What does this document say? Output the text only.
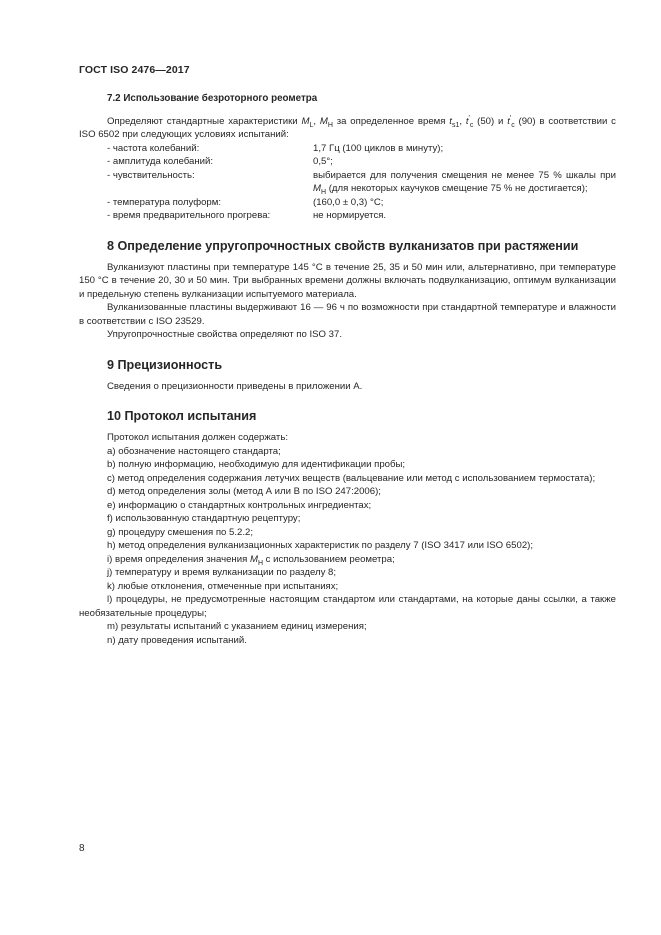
ГОСТ ISO 2476—2017
7.2 Использование безроторного реометра

Определяют стандартные характеристики $M_L$, $M_H$ за определенное время $t_{s1}$, $t'_c$ (50) и $t'_c$ (90) в соответствии с ISO 6502 при следующих условиях испытаний:

- частота колебаний:	1,7 Гц (100 циклов в минуту);
- амплитуда колебаний:	0,5°;
- чувствительность:	выбирается для получения смещения не менее 75 % шкалы при $M_H$ (для некоторых каучуков смещение 75 % не достигается);
- температура полуформ:	(160,0 ± 0,3) °С;
- время предварительного прогрева:	не нормируется.
8 Определение упругопрочностных свойств вулканизатов при растяжении

Вулканизуют пластины при температуре 145 °С в течение 25, 35 и 50 мин или, альтернативно, при температуре 150 °С в течение 20, 30 и 50 мин. Три выбранных времени должны включать подвулканизацию, оптимум вулканизации и предельную степень вулканизации испытуемого материала.

Вулканизованные пластины выдерживают 16 — 96 ч по возможности при стандартной температуре и влажности в соответствии с ISO 23529.

Упругопрочностные свойства определяют по ISO 37.

9 Прецизионность

Сведения о прецизионности приведены в приложении А.

10 Протокол испытания

Протокол испытания должен содержать:

a) обозначение настоящего стандарта;

b) полную информацию, необходимую для идентификации пробы;

c) метод определения содержания летучих веществ (вальцевание или метод с использованием термостата);

d) метод определения золы (метод А или В по ISO 247:2006);

e) информацию о стандартных контрольных ингредиентах;

f) использованную стандартную рецептуру;

g) процедуру смешения по 5.2.2;

h) метод определения вулканизационных характеристик по разделу 7 (ISO 3417 или ISO 6502);

i) время определения значения $M_H$ с использованием реометра;

j) температуру и время вулканизации по разделу 8;

k) любые отклонения, отмеченные при испытаниях;

l) процедуры, не предусмотренные настоящим стандартом или стандартами, на которые даны ссылки, а также необязательные процедуры;

m) результаты испытаний с указанием единиц измерения;

n) дату проведения испытаний.

8
